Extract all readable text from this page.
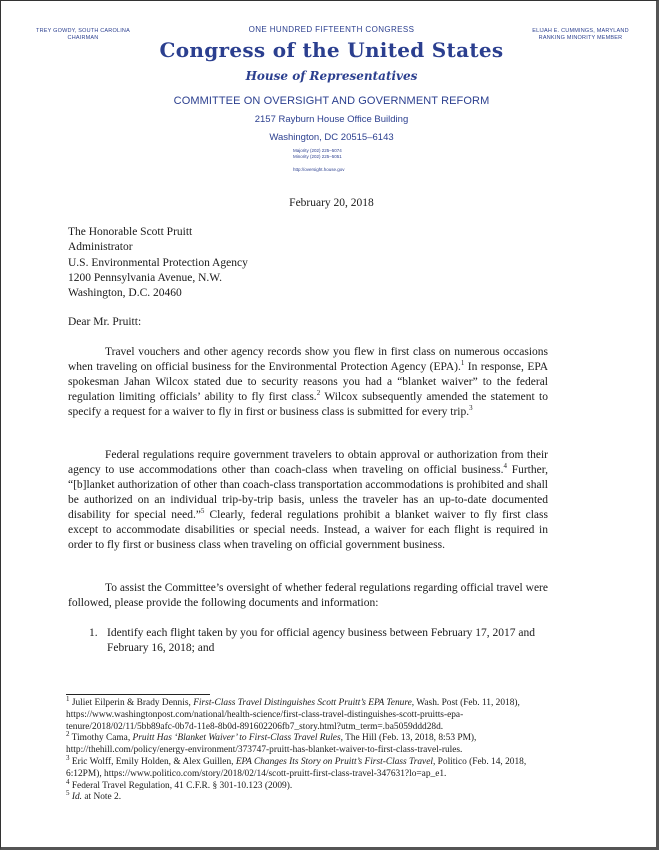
TREY GOWDY, SOUTH CAROLINA
CHAIRMAN
ONE HUNDRED FIFTEENTH CONGRESS	ELIJAH E. CUMMINGS, MARYLAND
RANKING MINORITY MEMBER
Congress of the United States
House of Representatives
COMMITTEE ON OVERSIGHT AND GOVERNMENT REFORM
2157 Rayburn House Office Building
Washington, DC 20515–6143
Majority (202) 225–5074
Minority (202) 225–5051
http://oversight.house.gov
February 20, 2018
The Honorable Scott Pruitt
Administrator
U.S. Environmental Protection Agency
1200 Pennsylvania Avenue, N.W.
Washington, D.C. 20460
Dear Mr. Pruitt:
Travel vouchers and other agency records show you flew in first class on numerous occasions when traveling on official business for the Environmental Protection Agency (EPA).$^1$ In response, EPA spokesman Jahan Wilcox stated due to security reasons you had a “blanket waiver” to the federal regulation limiting officials’ ability to fly first class.$^2$ Wilcox subsequently amended the statement to specify a request for a waiver to fly in first or business class is submitted for every trip.$^3$
Federal regulations require government travelers to obtain approval or authorization from their agency to use accommodations other than coach-class when traveling on official business.$^4$ Further, “[b]lanket authorization of other than coach-class transportation accommodations is prohibited and shall be authorized on an individual trip-by-trip basis, unless the traveler has an up-to-date documented disability for special need.”$^5$ Clearly, federal regulations prohibit a blanket waiver to fly first class except to accommodate disabilities or special needs. Instead, a waiver for each flight is required in order to fly first or business class when traveling on official government business.
To assist the Committee’s oversight of whether federal regulations regarding official travel were followed, please provide the following documents and information:
1. Identify each flight taken by you for official agency business between February 17, 2017 and February 16, 2018; and

$^1$ Juliet Eilperin & Brady Dennis, First-Class Travel Distinguishes Scott Pruitt’s EPA Tenure, Wash. Post (Feb. 11, 2018), https://www.washingtonpost.com/national/health-science/first-class-travel-distinguishes-scott-pruitts-epa-tenure/2018/02/11/5bb89afc-0b7d-11e8-8b0d-891602206fb7_story.html?utm_term=.ba5059ddd28d.

$^2$ Timothy Cama, Pruitt Has ‘Blanket Waiver’ to First-Class Travel Rules, The Hill (Feb. 13, 2018, 8:53 PM), http://thehill.com/policy/energy-environment/373747-pruitt-has-blanket-waiver-to-first-class-travel-rules.

$^3$ Eric Wolff, Emily Holden, & Alex Guillen, EPA Changes Its Story on Pruitt’s First-Class Travel, Politico (Feb. 14, 2018, 6:12PM), https://www.politico.com/story/2018/02/14/scott-pruitt-first-class-travel-347631?lo=ap_e1.

$^4$ Federal Travel Regulation, 41 C.F.R. § 301-10.123 (2009).

$^5$ Id. at Note 2.
